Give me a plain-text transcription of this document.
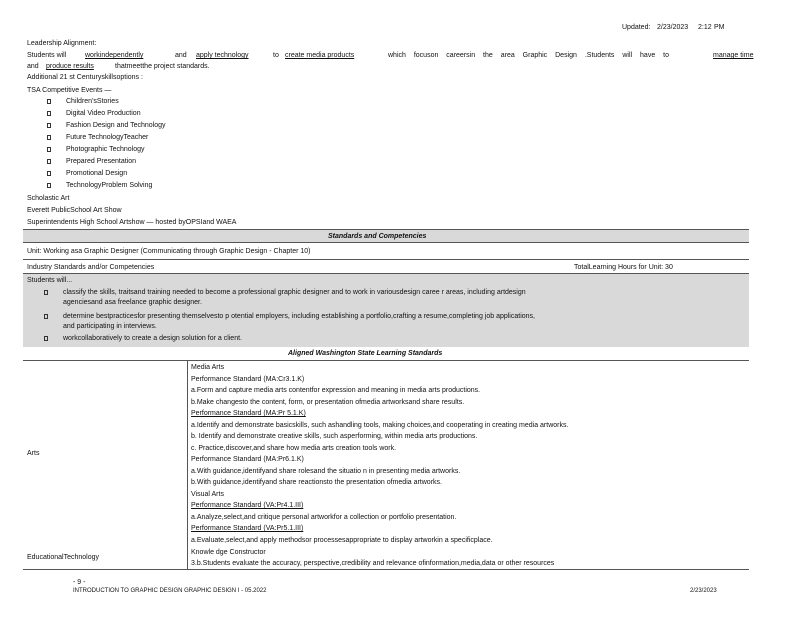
Updated: 2/23/2023 2:12 PM
Leadership Alignment:
Students will	workindependently	and apply technology	to create media products	which focuson careersin the area Graphic Design .Students will have to	manage time
and produce results	thatmeetthe project standards.
Additional 21 st Centuryskillsoptions :
TSA Competitive Events —
Children'sStories
Digital Video Production
Fashion Design and Technology
Future TechnologyTeacher
Photographic Technology
Prepared Presentation
Promotional Design
TechnologyProblem Solving
Scholastic Art
Everett PublicSchool Art Show
Superintendents High School Artshow — hosted byOPSIand WAEA
Standards and Competencies
Unit: Working asa Graphic Designer (Communicating through Graphic Design - Chapter 10)
Industry Standards and/or Competencies	TotalLearning Hours for Unit: 30
Students will...
classify the skills, traitsand training needed to become a professional graphic designer and to work in variousdesign caree r areas, including artdesign
agenciesand asa freelance graphic designer.
determine bestpracticesfor presenting themselvesto p otential employers, including establishing a portfolio,crafting a resume,completing job applications,
and participating in interviews.
workcollaboratively to create a design solution for a client.
Aligned Washington State Learning Standards
Arts
Media Arts
Performance Standard (MA:Cr3.1.K)
a.Form and capture media arts contentfor expression and meaning in media arts productions.
b.Make changesto the content, form, or presentation ofmedia artworksand share results.
Performance Standard (MA:Pr 5.1.K)
a.Identify and demonstrate basicskills, such ashandling tools, making choices,and cooperating in creating media artworks.
b. Identify and demonstrate creative skills, such asperforming, within media arts productions.
c. Practice,discover,and share how media arts creation tools work.
Performance Standard (MA:Pr6.1.K)
a.With guidance,identifyand share rolesand the situatio n in presenting media artworks.
b.With guidance,identifyand share reactionsto the presentation ofmedia artworks.
Visual Arts
Performance Standard (VA:Pr4.1.III)
a.Analyze,select,and critique personal artworkfor a collection or portfolio presentation.
Performance Standard (VA:Pr5.1.III)
a.Evaluate,select,and apply methodsor processesappropriate to display artworkin a specificplace.
EducationalTechnology
Knowle dge Constructor
3.b.Students evaluate the accuracy, perspective,credibility and relevance ofinformation,media,data or other resources
- 9 -
INTRODUCTION TO GRAPHIC DESIGN GRAPHIC DESIGN I - 05.2022	2/23/2023
